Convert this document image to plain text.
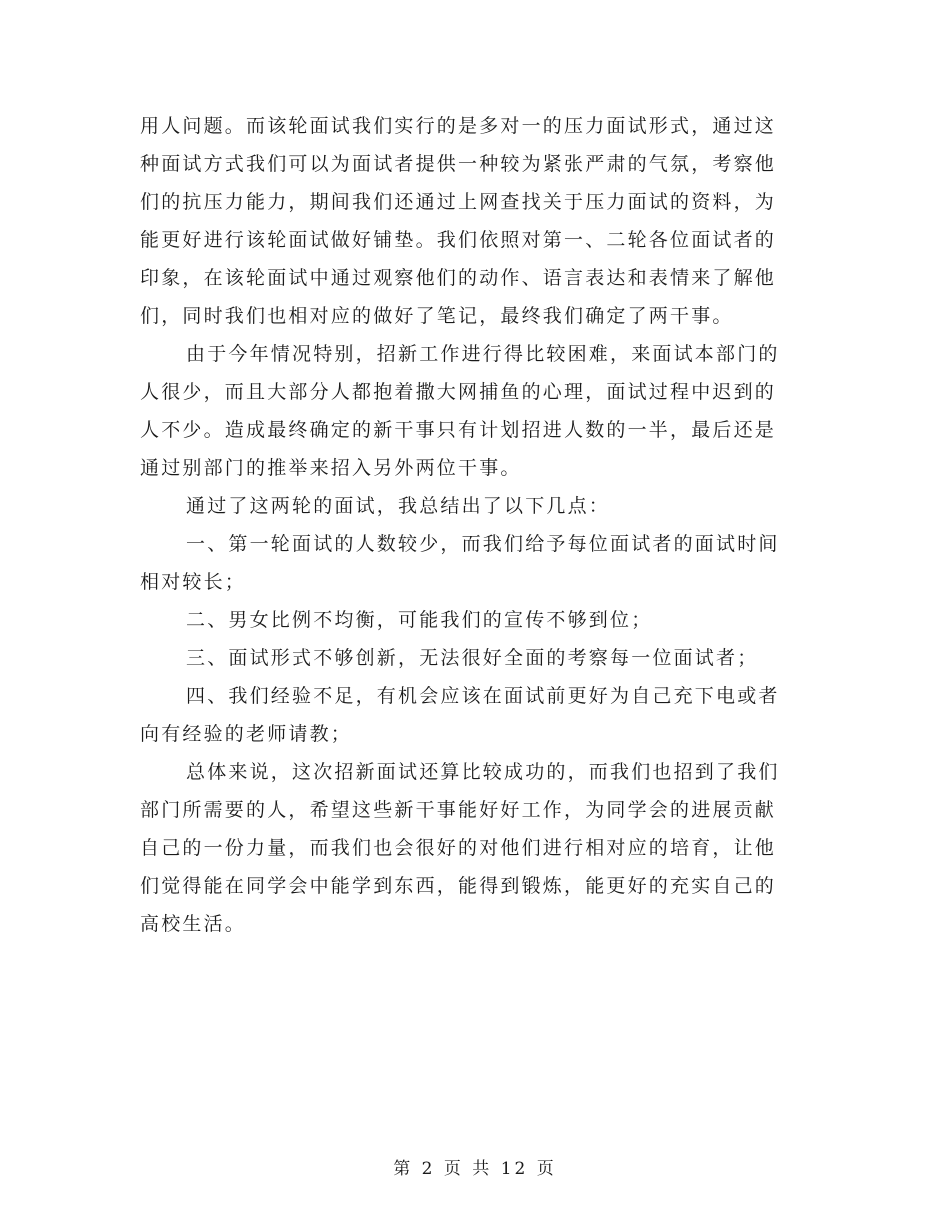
用人问题。而该轮面试我们实行的是多对一的压力面试形式，通过这
种面试方式我们可以为面试者提供一种较为紧张严肃的气氛，考察他
们的抗压力能力，期间我们还通过上网查找关于压力面试的资料，为
能更好进行该轮面试做好铺垫。我们依照对第一、二轮各位面试者的
印象，在该轮面试中通过观察他们的动作、语言表达和表情来了解他
们，同时我们也相对应的做好了笔记，最终我们确定了两干事。
由于今年情况特别，招新工作进行得比较困难，来面试本部门的
人很少，而且大部分人都抱着撒大网捕鱼的心理，面试过程中迟到的
人不少。造成最终确定的新干事只有计划招进人数的一半，最后还是
通过别部门的推举来招入另外两位干事。
通过了这两轮的面试，我总结出了以下几点：
一、第一轮面试的人数较少，而我们给予每位面试者的面试时间
相对较长；
二、男女比例不均衡，可能我们的宣传不够到位；
三、面试形式不够创新，无法很好全面的考察每一位面试者；
四、我们经验不足，有机会应该在面试前更好为自己充下电或者
向有经验的老师请教；
总体来说，这次招新面试还算比较成功的，而我们也招到了我们
部门所需要的人，希望这些新干事能好好工作，为同学会的进展贡献
自己的一份力量，而我们也会很好的对他们进行相对应的培育，让他
们觉得能在同学会中能学到东西，能得到锻炼，能更好的充实自己的
高校生活。
第 2 页 共 12 页
